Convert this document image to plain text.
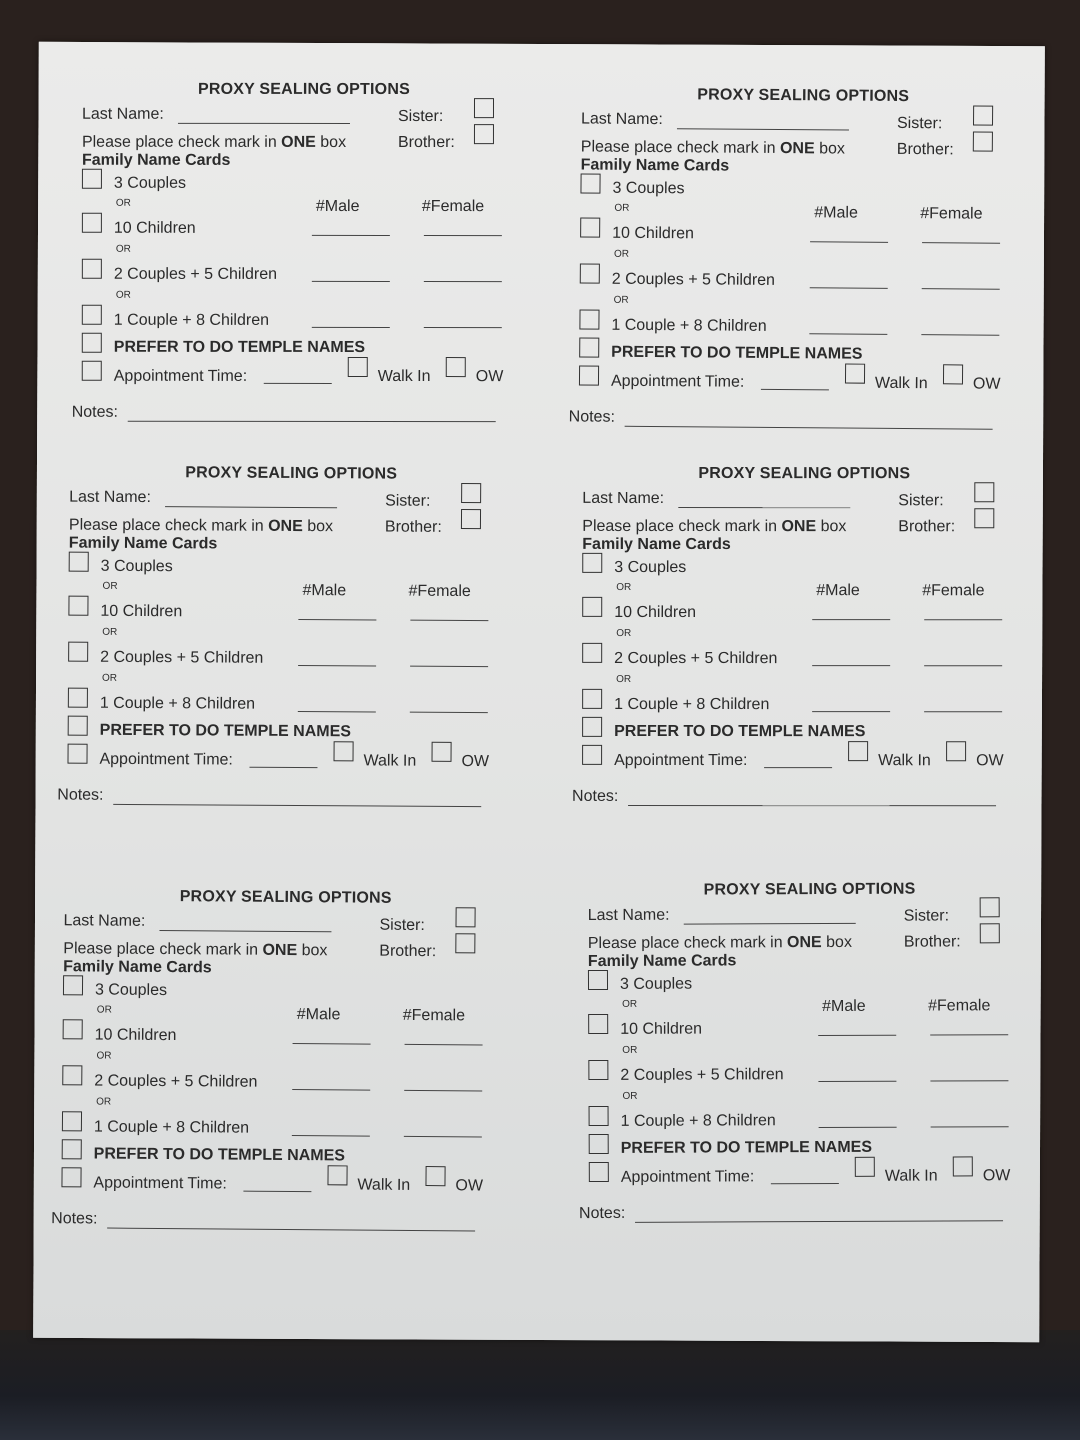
PROXY SEALING OPTIONS
Last Name:	Sister:
Brother:
Please place check mark in ONE box
Family Name Cards
#Male	#Female
3 Couples
OR
10 Children
OR
2 Couples + 5 Children
OR
1 Couple + 8 Children
PREFER TO DO TEMPLE NAMES
Appointment Time:	Walk In	OW
Notes:
PROXY SEALING OPTIONS
Last Name:	Sister:
Brother:
Please place check mark in ONE box
Family Name Cards
#Male	#Female
3 Couples
OR
10 Children
OR
2 Couples + 5 Children
OR
1 Couple + 8 Children
PREFER TO DO TEMPLE NAMES
Appointment Time:	Walk In	OW
Notes:
PROXY SEALING OPTIONS
Last Name:	Sister:
Brother:
Please place check mark in ONE box
Family Name Cards
#Male	#Female
3 Couples
OR
10 Children
OR
2 Couples + 5 Children
OR
1 Couple + 8 Children
PREFER TO DO TEMPLE NAMES
Appointment Time:	Walk In	OW
Notes:
PROXY SEALING OPTIONS
Last Name:	Sister:
Brother:
Please place check mark in ONE box
Family Name Cards
#Male	#Female
3 Couples
OR
10 Children
OR
2 Couples + 5 Children
OR
1 Couple + 8 Children
PREFER TO DO TEMPLE NAMES
Appointment Time:	Walk In	OW
Notes:
PROXY SEALING OPTIONS
Last Name:	Sister:
Brother:
Please place check mark in ONE box
Family Name Cards
#Male	#Female
3 Couples
OR
10 Children
OR
2 Couples + 5 Children
OR
1 Couple + 8 Children
PREFER TO DO TEMPLE NAMES
Appointment Time:	Walk In	OW
Notes:
PROXY SEALING OPTIONS
Last Name:	Sister:
Brother:
Please place check mark in ONE box
Family Name Cards
#Male	#Female
3 Couples
OR
10 Children
OR
2 Couples + 5 Children
OR
1 Couple + 8 Children
PREFER TO DO TEMPLE NAMES
Appointment Time:	Walk In	OW
Notes:
